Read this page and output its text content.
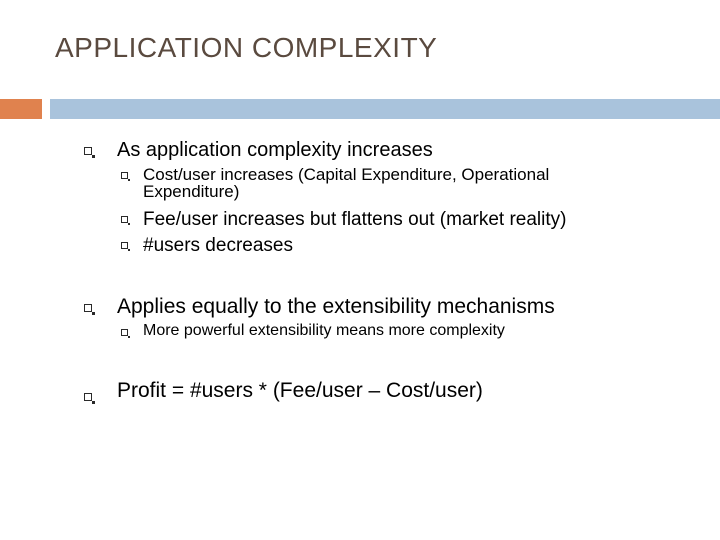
APPLICATION COMPLEXITY
As application complexity increases
Cost/user increases (Capital Expenditure, Operational
Expenditure)
Fee/user increases but flattens out (market reality)
#users decreases
Applies equally to the extensibility mechanisms
More powerful extensibility means more complexity
Profit = #users * (Fee/user – Cost/user)
